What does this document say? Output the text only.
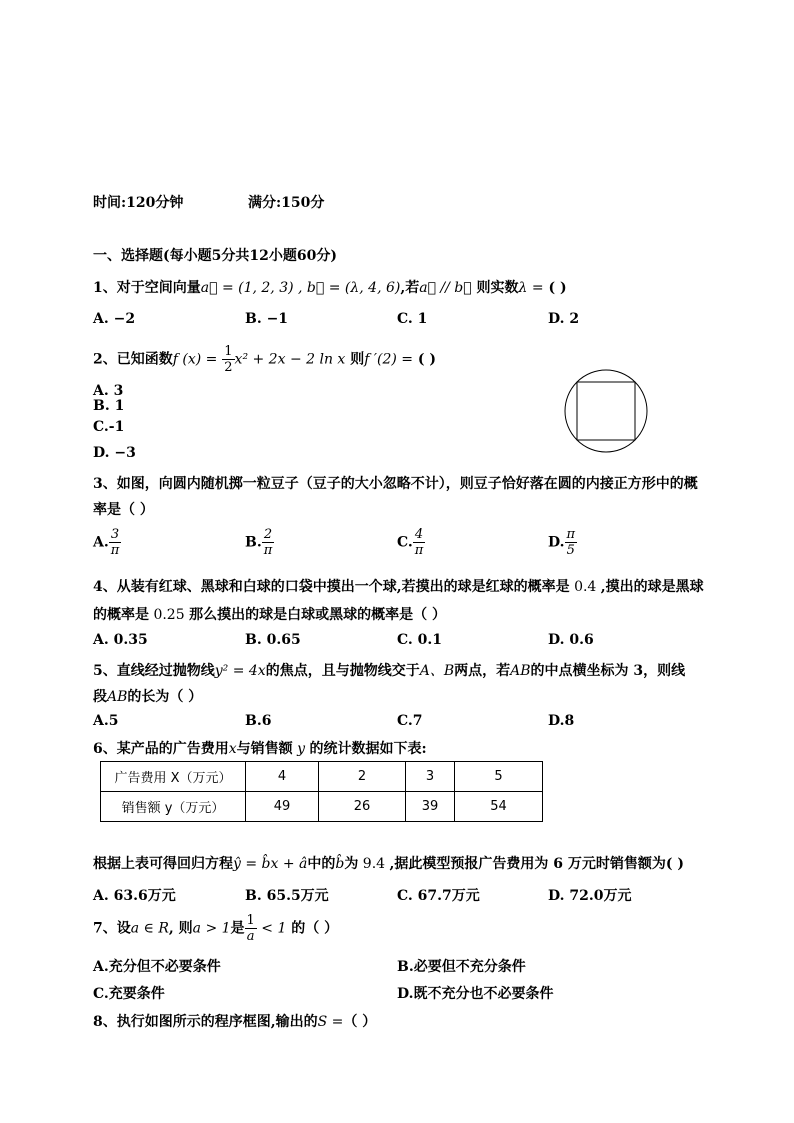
时间:120分钟	满分:150分
一、选择题(每小题5分共12小题60分)
1、对于空间向量a⃗ = (1, 2, 3) , b⃗ = (λ, 4, 6),若a⃗ // b⃗ 则实数λ = ( )
A. −2	B. −1	C. 1	D. 2
2、已知函数f $(x) = \frac{1}{2} x^2 + 2x - 2$ ln x 则f ′(2) = ( )
A. 3
B. 1
C.-1
D. −3
3、如图，向圆内随机掷一粒豆子（豆子的大小忽略不计），则豆子恰好落在圆的内接正方形中的概
率是（ ）
A. $\frac{3}{\pi}$	B. $\frac{2}{\pi}$	C. $\frac{4}{\pi}$	D. $\frac{\pi}{5}$
4、从装有红球、黑球和白球的口袋中摸出一个球,若摸出的球是红球的概率是 0.4 ,摸出的球是黑球
的概率是 0.25 那么摸出的球是白球或黑球的概率是（ ）
A. 0.35	B. 0.65	C. 0.1	D. 0.6
5、直线经过抛物线y² = 4x的焦点，且与抛物线交于A、B两点，若AB的中点横坐标为 3，则线
段AB的长为（ ）
A.5	B.6	C.7	D.8
6、某产品的广告费用x与销售额 y 的统计数据如下表:
广告费用 X（万元）	4	2	3	5
销售额 y（万元）	49	26	39	54
根据上表可得回归方程ŷ = b̂x + â中的b̂为 9.4 ,据此模型预报广告费用为 6 万元时销售额为( )
A. 63.6万元	B. 65.5万元	C. 67.7万元	D. 72.0万元
7、设a ∈ R, 则a > 1是 $\frac{1}{a} < 1$ 的（ ）
A.充分但不必要条件	B.必要但不充分条件
C.充要条件	D.既不充分也不必要条件
8、执行如图所示的程序框图,输出的S =（ ）
